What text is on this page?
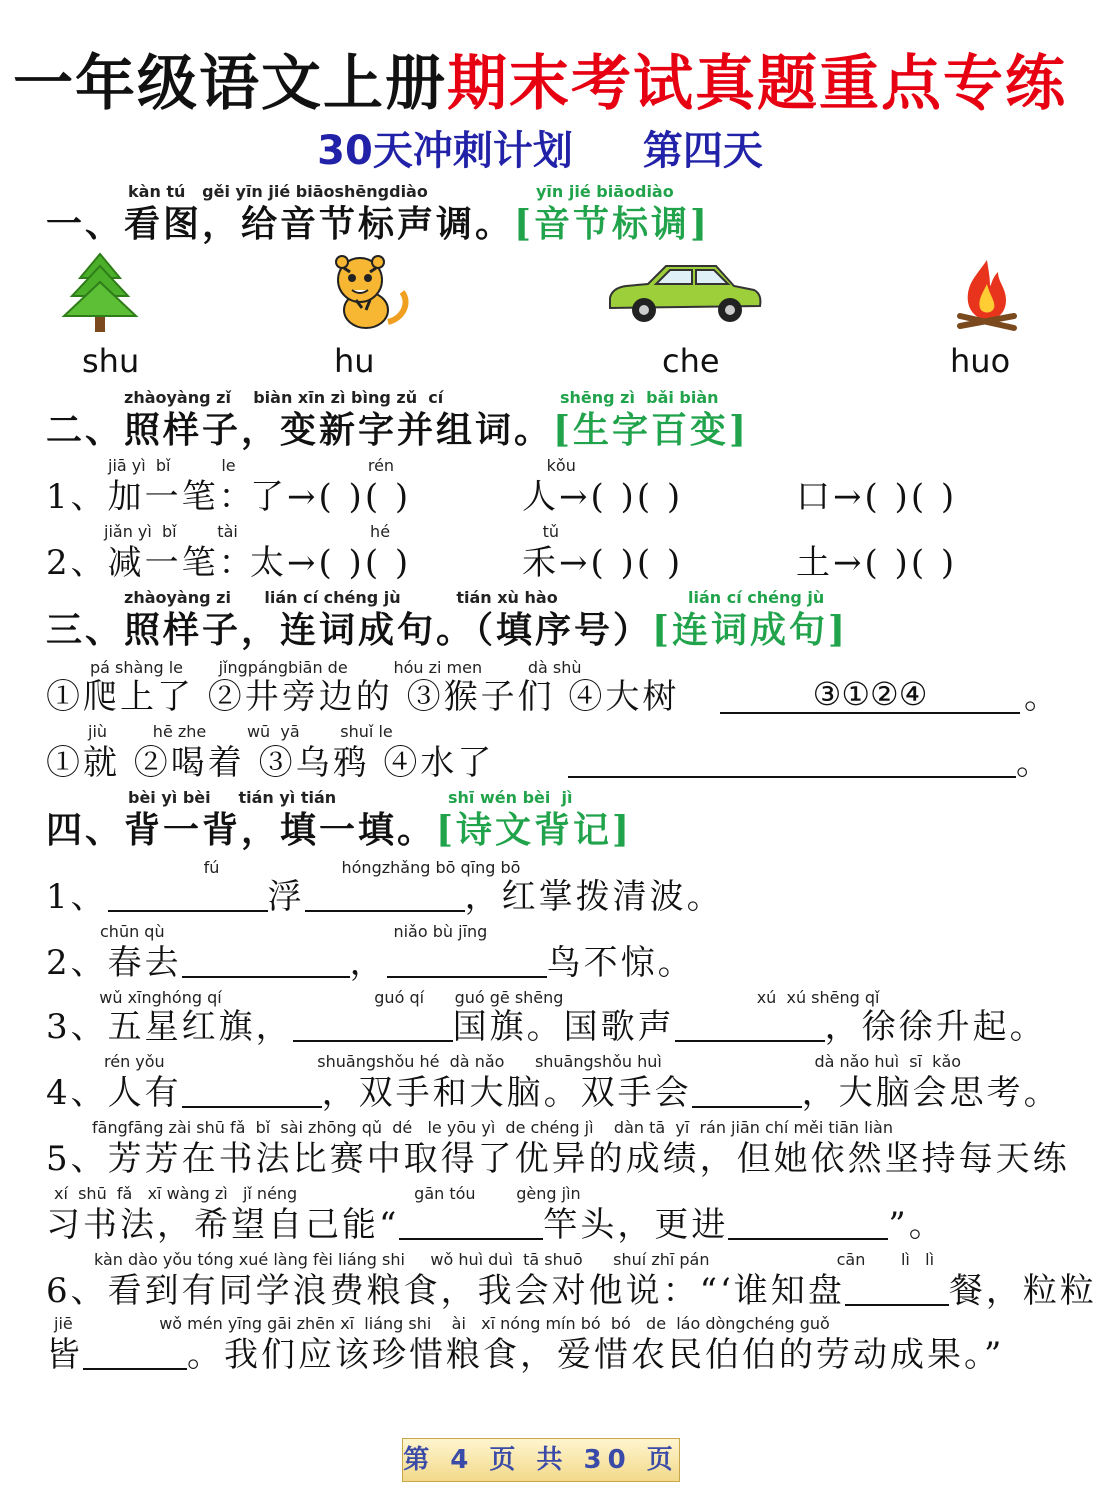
一年级语文上册期末考试真题重点专练
30天冲刺计划 第四天
kàn tú   gěi yīn jié biāoshēngdiào	yīn jié biāodiào
一、看图，给音节标声调。[音节标调]
shu	hu	che	huo
zhàoyàng zǐ    biàn xīn zì bìng zǔ  cí	shēng zì  bǎi biàn
二、照样子，变新字并组词。[生字百变]
jiā yì  bǐ          le                          rén                              kǒu
1、加一笔：
了→( )( )	人→( )( )	口→( )( )
jiǎn yì  bǐ        tài                          hé                              tǔ
2、减一笔：
太→( )( )	禾→( )( )	土→( )( )
zhàoyàng zi      lián cí chéng jù          tián xù hào	lián cí chéng jù
三、照样子，连词成句。（填序号）[连词成句]
pá shàng le       jǐngpángbiān de         hóu zi men         dà shù
①爬上了 ②井旁边的 ③猴子们 ④大树	③①②④	。
jiù         hē zhe        wū  yā        shuǐ le
①就 ②喝着 ③乌鸦 ④水了	。
bèi yì bèi     tián yì tián	shī wén bèi  jì
四、背一背，填一填。[诗文背记]
fú                        hóngzhǎng bō qīng bō
1、	浮	，红掌拨清波。
chūn qù                                             niǎo bù jīng
2、春去	，	鸟不惊。
wǔ xīnghóng qí                              guó qí      guó gē shēng                                      xú  xú shēng qǐ
3、五星红旗，	国旗。国歌声	，徐徐升起。
rén yǒu                              shuāngshǒu hé  dà nǎo      shuāngshǒu huì                              dà nǎo huì  sī  kǎo
4、人有	，双手和大脑。双手会	，大脑会思考。
fāngfāng zài shū fǎ  bǐ  sài zhōng qǔ  dé   le yōu yì  de chéng jì    dàn tā  yī  rán jiān chí měi tiān liàn
5、芳芳在书法比赛中取得了优异的成绩，但她依然坚持每天练
xí  shū  fǎ   xī wàng zì   jǐ néng                       gān tóu        gèng jìn
习书法，希望自己能“	竿头，更进	”。
kàn dào yǒu tóng xué làng fèi liáng shi     wǒ huì duì  tā shuō      shuí zhī pán                         cān       lì   lì
6、看到有同学浪费粮食，我会对他说：“‘谁知盘	餐，粒粒
jiē                 wǒ mén yīng gāi zhēn xī  liáng shi    ài   xī nóng mín bó  bó   de  láo dòngchéng guǒ
皆	。我们应该珍惜粮食，爱惜农民伯伯的劳动成果。”
第 4 页 共 30 页
